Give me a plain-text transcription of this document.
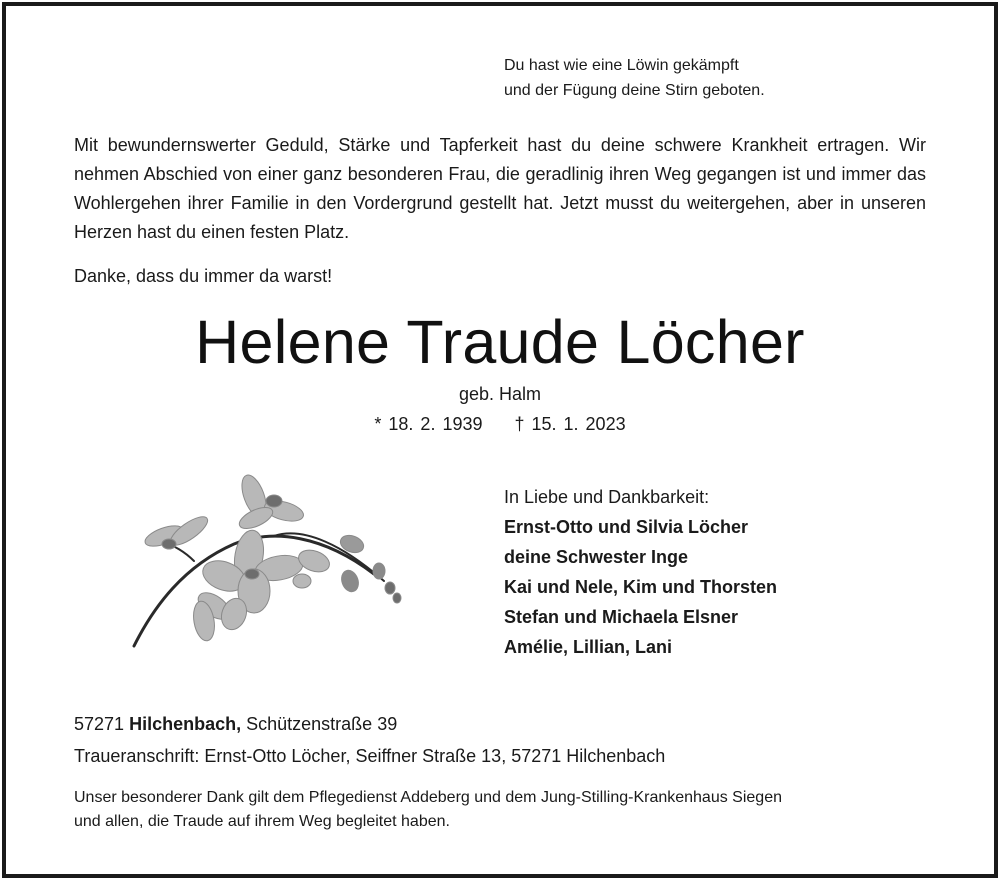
Du hast wie eine Löwin gekämpft
und der Fügung deine Stirn geboten.

Mit bewundernswerter Geduld, Stärke und Tapferkeit hast du deine schwere Krankheit ertragen. Wir nehmen Abschied von einer ganz besonderen Frau, die geradlinig ihren Weg gegangen ist und immer das Wohlergehen ihrer Familie in den Vordergrund gestellt hat. Jetzt musst du weitergehen, aber in unseren Herzen hast du einen festen Platz.

Danke, dass du immer da warst!
Helene Traude Löcher
geb. Halm
* 18. 2. 1939 † 15. 1. 2023
In Liebe und Dankbarkeit:
Ernst-Otto und Silvia Löcher
deine Schwester Inge
Kai und Nele, Kim und Thorsten
Stefan und Michaela Elsner
Amélie, Lillian, Lani
57271 Hilchenbach, Schützenstraße 39
Traueranschrift: Ernst-Otto Löcher, Seiffner Straße 13, 57271 Hilchenbach

Unser besonderer Dank gilt dem Pflegedienst Addeberg und dem Jung-Stilling-Krankenhaus Siegen

und allen, die Traude auf ihrem Weg begleitet haben.
